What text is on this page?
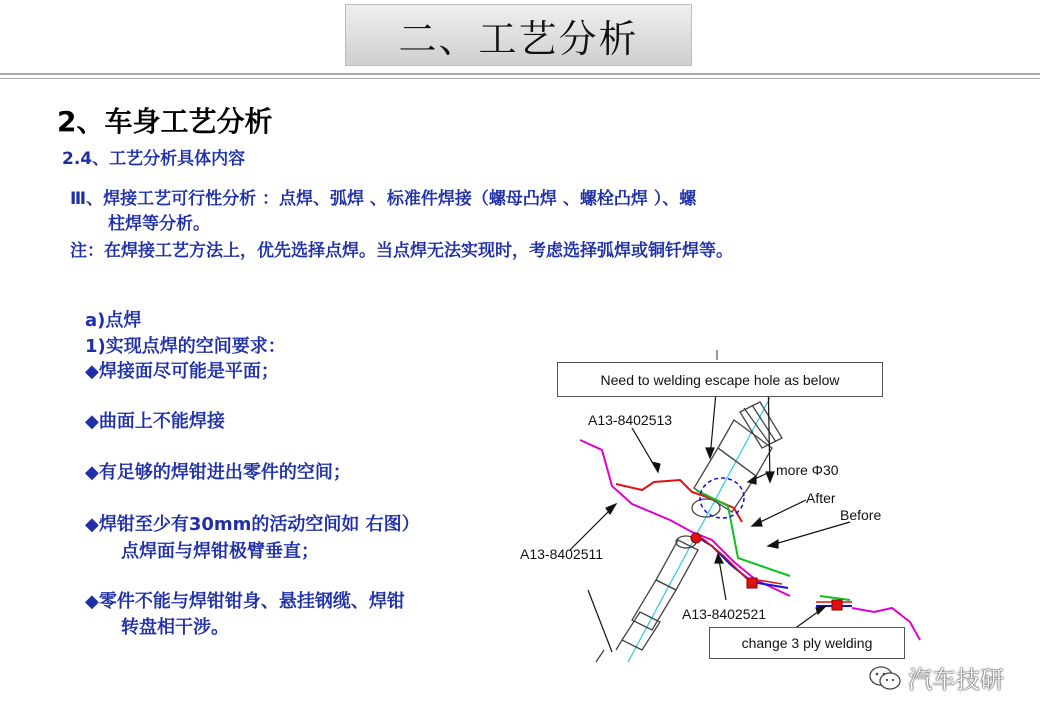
二、工艺分析
2、车身工艺分析
2.4、工艺分析具体内容
Ⅲ、焊接工艺可行性分析 ：点焊、弧焊 、标准件焊接（螺母凸焊 、螺栓凸焊 ）、螺
柱焊等分析。
注：在焊接工艺方法上，优先选择点焊。当点焊无法实现时，考虑选择弧焊或铜钎焊等。
a)点焊
1)实现点焊的空间要求：
◆焊接面尽可能是平面；
◆曲面上不能焊接
◆有足够的焊钳进出零件的空间；
◆焊钳至少有30mm的活动空间如 右图）
点焊面与焊钳极臂垂直；
◆零件不能与焊钳钳身、悬挂钢缆、焊钳
转盘相干涉。
Need to welding escape hole as below
change 3 ply welding
A13-8402513
A13-8402511
A13-8402521
more Φ30
After
Before
汽车技研
